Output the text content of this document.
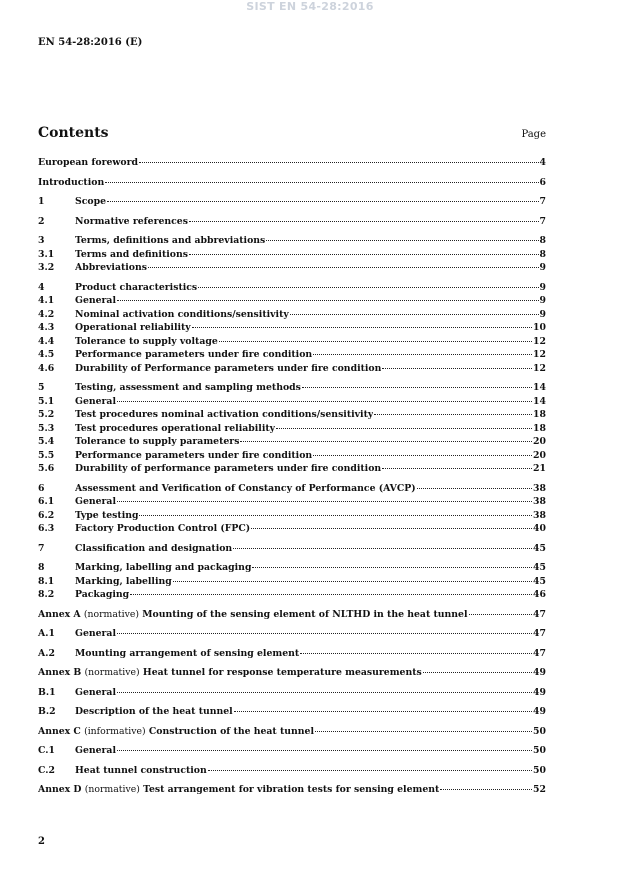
SIST EN 54-28:2016
EN 54-28:2016 (E)
Contents	Page
European foreword	4
Introduction	6
1	Scope	7
2	Normative references	7
3	Terms, definitions and abbreviations	8
3.1	Terms and definitions	8
3.2	Abbreviations	9
4	Product characteristics	9
4.1	General	9
4.2	Nominal activation conditions/sensitivity	9
4.3	Operational reliability	10
4.4	Tolerance to supply voltage	12
4.5	Performance parameters under fire condition	12
4.6	Durability of Performance parameters under fire condition	12
5	Testing, assessment and sampling methods	14
5.1	General	14
5.2	Test procedures nominal activation conditions/sensitivity	18
5.3	Test procedures operational reliability	18
5.4	Tolerance to supply parameters	20
5.5	Performance parameters under fire condition	20
5.6	Durability of performance parameters under fire condition	21
6	Assessment and Verification of Constancy of Performance (AVCP)	38
6.1	General	38
6.2	Type testing	38
6.3	Factory Production Control (FPC)	40
7	Classification and designation	45
8	Marking, labelling and packaging	45
8.1	Marking, labelling	45
8.2	Packaging	46
Annex A (normative) Mounting of the sensing element of NLTHD in the heat tunnel	47
A.1	General	47
A.2	Mounting arrangement of sensing element	47
Annex B (normative) Heat tunnel for response temperature measurements	49
B.1	General	49
B.2	Description of the heat tunnel	49
Annex C (informative) Construction of the heat tunnel	50
C.1	General	50
C.2	Heat tunnel construction	50
Annex D (normative) Test arrangement for vibration tests for sensing element	52
2
